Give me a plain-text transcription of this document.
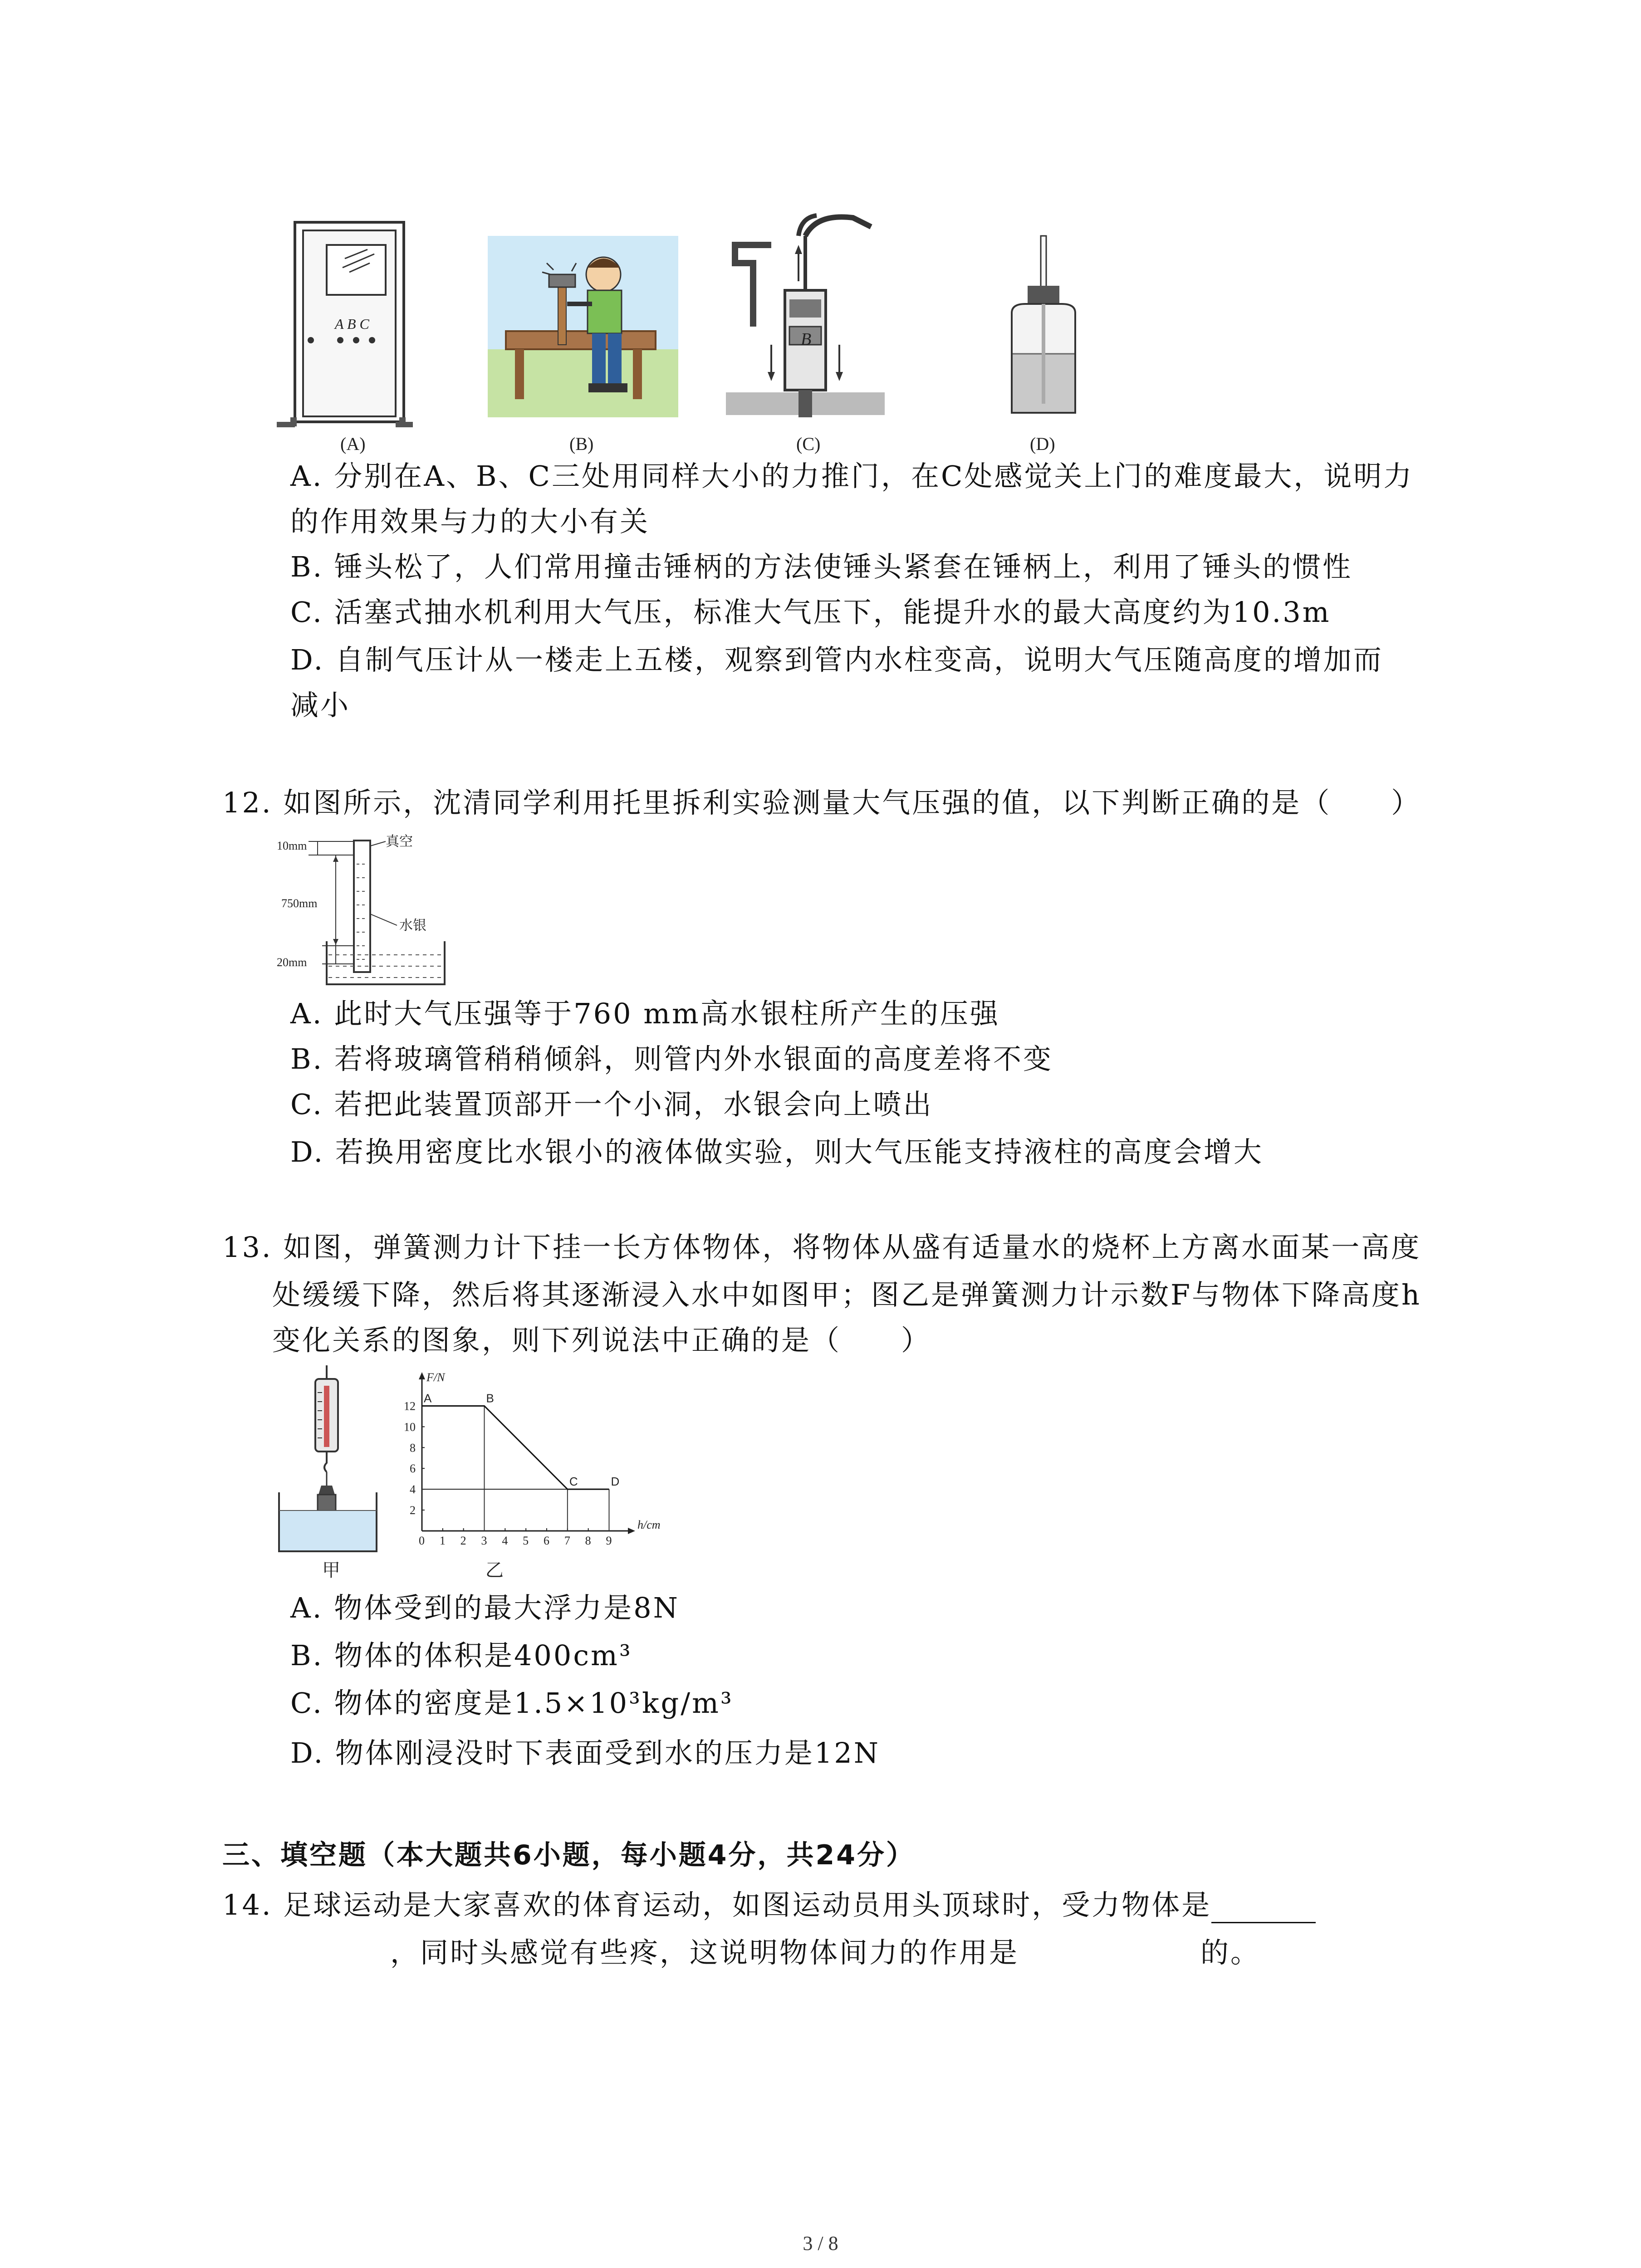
A B C
(A)	(B)
B
(C)	(D)
A. 分别在A、B、C三处用同样大小的力推门，在C处感觉关上门的难度最大，说明力
的作用效果与力的大小有关
B. 锤头松了，人们常用撞击锤柄的方法使锤头紧套在锤柄上，利用了锤头的惯性
C. 活塞式抽水机利用大气压，标准大气压下，能提升水的最大高度约为10.3m
D. 自制气压计从一楼走上五楼，观察到管内水柱变高，说明大气压随高度的增加而
减小
12. 如图所示，沈清同学利用托里拆利实验测量大气压强的值，以下判断正确的是（　　）
10mm
750mm
20mm
真空
水银
A. 此时大气压强等于760 mm高水银柱所产生的压强
B. 若将玻璃管稍稍倾斜，则管内外水银面的高度差将不变
C. 若把此装置顶部开一个小洞，水银会向上喷出
D. 若换用密度比水银小的液体做实验，则大气压能支持液柱的高度会增大
13. 如图，弹簧测力计下挂一长方体物体，将物体从盛有适量水的烧杯上方离水面某一高度
处缓缓下降，然后将其逐渐浸入水中如图甲；图乙是弹簧测力计示数F与物体下降高度h
变化关系的图象，则下列说法中正确的是（　　）
甲
F/N
h/cm
0 1 2 3 4 5 6 7 8 9
2
4
6
8
10
12
A	B
C	D
乙
A. 物体受到的最大浮力是8N
B. 物体的体积是400cm³
C. 物体的密度是1.5×10³kg/m³
D. 物体刚浸没时下表面受到水的压力是12N
三、填空题（本大题共6小题，每小题4分，共24分）
14. 足球运动是大家喜欢的体育运动，如图运动员用头顶球时，受力物体是
，同时头感觉有些疼，这说明物体间力的作用是	的。
3 / 8
